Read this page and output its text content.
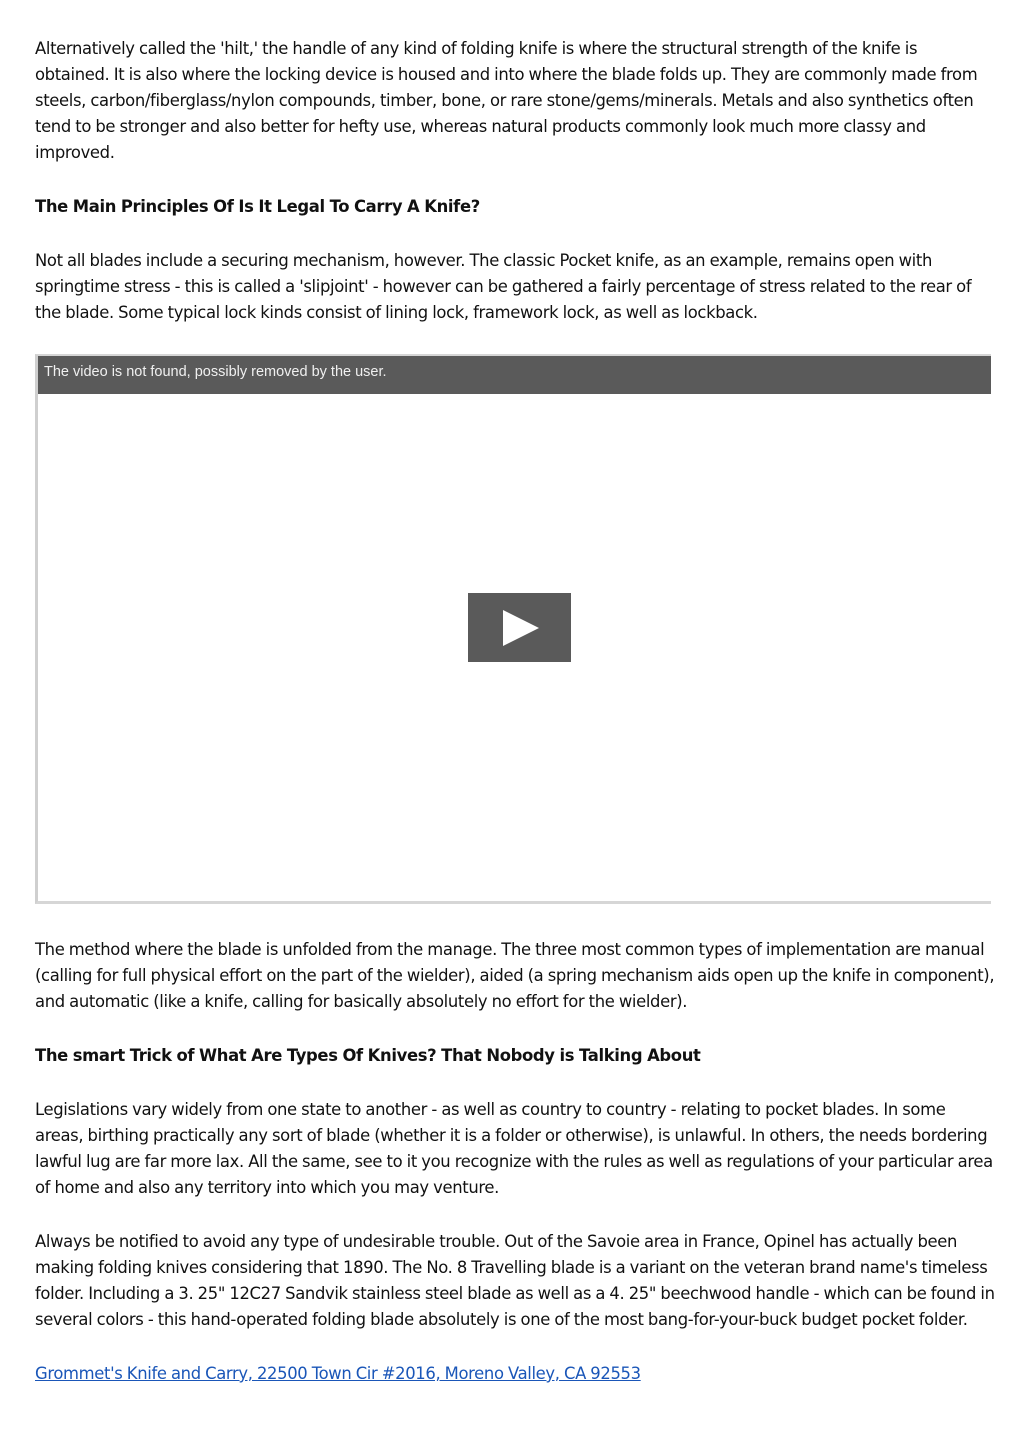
Alternatively called the 'hilt,' the handle of any kind of folding knife is where the structural strength of the knife is obtained. It is also where the locking device is housed and into where the blade folds up. They are commonly made from steels, carbon/fiberglass/nylon compounds, timber, bone, or rare stone/gems/minerals. Metals and also synthetics often tend to be stronger and also better for hefty use, whereas natural products commonly look much more classy and improved.

The Main Principles Of Is It Legal To Carry A Knife?

Not all blades include a securing mechanism, however. The classic Pocket knife, as an example, remains open with springtime stress - this is called a 'slipjoint' - however can be gathered a fairly percentage of stress related to the rear of the blade. Some typical lock kinds consist of lining lock, framework lock, as well as lockback.

The video is not found, possibly removed by the user.

The method where the blade is unfolded from the manage. The three most common types of implementation are manual (calling for full physical effort on the part of the wielder), aided (a spring mechanism aids open up the knife in component), and automatic (like a knife, calling for basically absolutely no effort for the wielder).

The smart Trick of What Are Types Of Knives? That Nobody is Talking About

Legislations vary widely from one state to another - as well as country to country - relating to pocket blades. In some areas, birthing practically any sort of blade (whether it is a folder or otherwise), is unlawful. In others, the needs bordering lawful lug are far more lax. All the same, see to it you recognize with the rules as well as regulations of your particular area of home and also any territory into which you may venture.

Always be notified to avoid any type of undesirable trouble. Out of the Savoie area in France, Opinel has actually been making folding knives considering that 1890. The No. 8 Travelling blade is a variant on the veteran brand name's timeless folder. Including a 3. 25" 12C27 Sandvik stainless steel blade as well as a 4. 25" beechwood handle - which can be found in several colors - this hand-operated folding blade absolutely is one of the most bang-for-your-buck budget pocket folder.

Grommet's Knife and Carry, 22500 Town Cir #2016, Moreno Valley, CA 92553
